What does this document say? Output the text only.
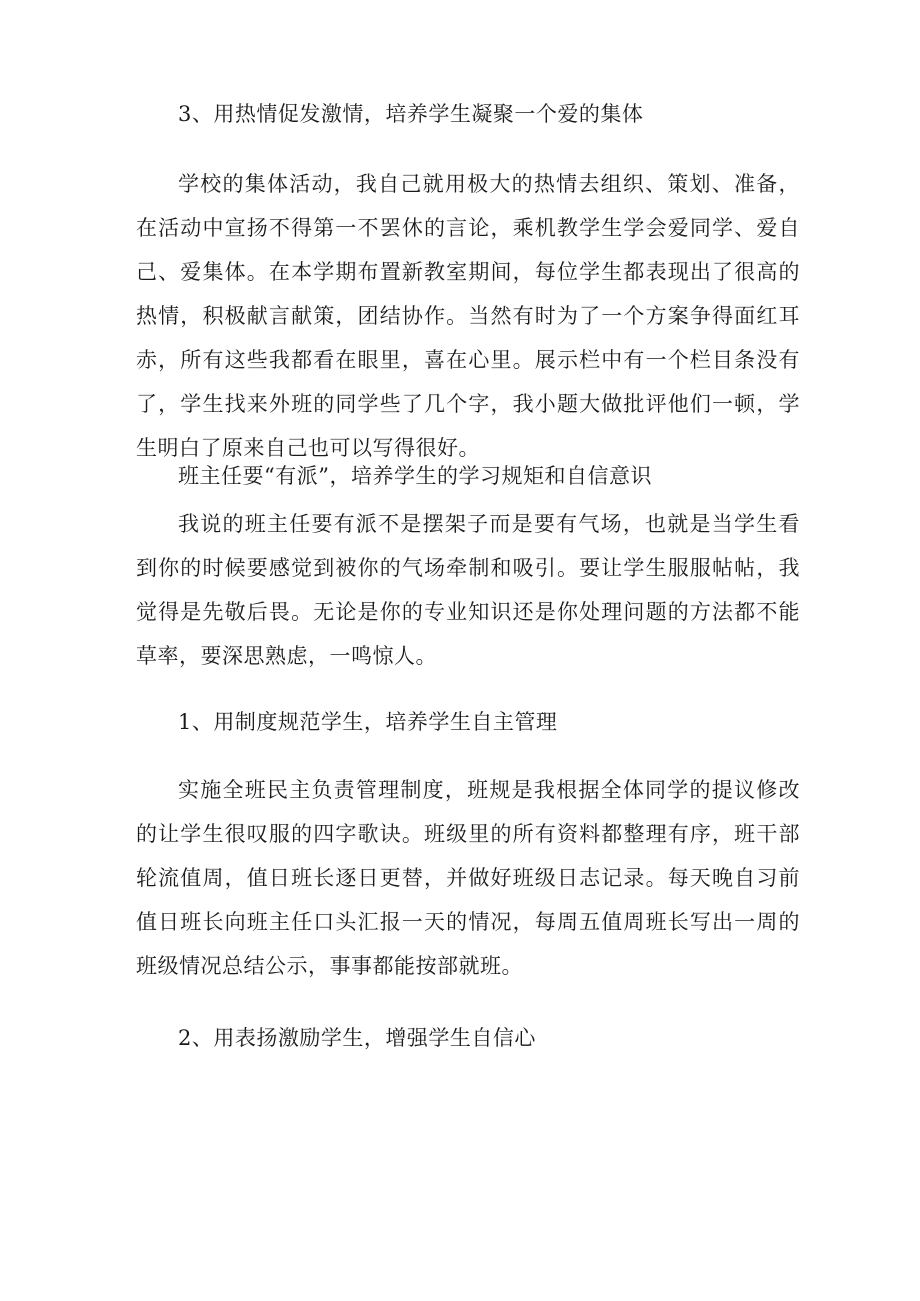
3、用热情促发激情，培养学生凝聚一个爱的集体

学校的集体活动，我自己就用极大的热情去组织、策划、准备，在活动中宣扬不得第一不罢休的言论，乘机教学生学会爱同学、爱自己、爱集体。在本学期布置新教室期间，每位学生都表现出了很高的热情，积极献言献策，团结协作。当然有时为了一个方案争得面红耳赤，所有这些我都看在眼里，喜在心里。展示栏中有一个栏目条没有了，学生找来外班的同学些了几个字，我小题大做批评他们一顿，学生明白了原来自己也可以写得很好。

班主任要“有派”，培养学生的学习规矩和自信意识

我说的班主任要有派不是摆架子而是要有气场，也就是当学生看到你的时候要感觉到被你的气场牵制和吸引。要让学生服服帖帖，我觉得是先敬后畏。无论是你的专业知识还是你处理问题的方法都不能草率，要深思熟虑，一鸣惊人。

1、用制度规范学生，培养学生自主管理

实施全班民主负责管理制度，班规是我根据全体同学的提议修改的让学生很叹服的四字歌诀。班级里的所有资料都整理有序，班干部轮流值周，值日班长逐日更替，并做好班级日志记录。每天晚自习前值日班长向班主任口头汇报一天的情况，每周五值周班长写出一周的班级情况总结公示，事事都能按部就班。

2、用表扬激励学生，增强学生自信心
